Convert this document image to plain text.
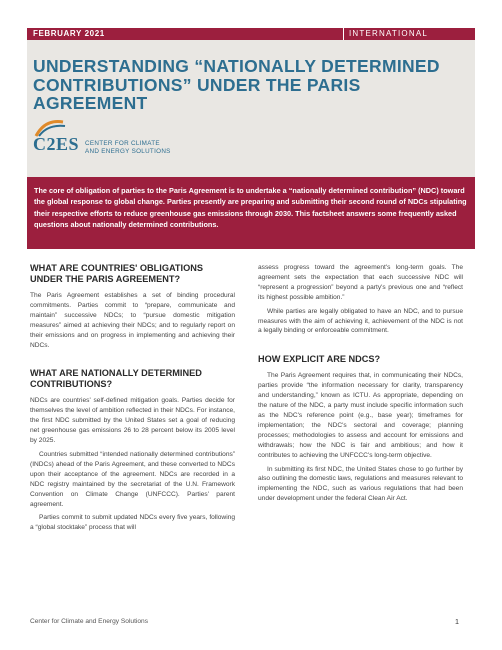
FEBRUARY 2021	INTERNATIONAL
UNDERSTANDING “NATIONALLY DETERMINED CONTRIBUTIONS” UNDER THE PARIS AGREEMENT
C2ES CENTER FOR CLIMATE
AND ENERGY SOLUTIONS

The core of obligation of parties to the Paris Agreement is to undertake a “nationally determined contribution” (NDC) toward the global response to global change. Parties presently are preparing and submitting their second round of NDCs stipulating their respective efforts to reduce greenhouse gas emissions through 2030. This factsheet answers some frequently asked questions about nationally determined contributions.

WHAT ARE COUNTRIES' OBLIGATIONS UNDER THE PARIS AGREEMENT?

The Paris Agreement establishes a set of binding procedural commitments. Parties commit to “prepare, communicate and maintain” successive NDCs; to “pursue domestic mitigation measures” aimed at achieving their NDCs; and to regularly report on their emissions and on progress in implementing and achieving their NDCs.

WHAT ARE NATIONALLY DETERMINED CONTRIBUTIONS?

NDCs are countries' self-defined mitigation goals. Parties decide for themselves the level of ambition reflected in their NDCs. For instance, the first NDC submitted by the United States set a goal of reducing net greenhouse gas emissions 26 to 28 percent below its 2005 level by 2025.

Countries submitted “intended nationally determined contributions” (INDCs) ahead of the Paris Agreement, and these converted to NDCs upon their acceptance of the agreement. NDCs are recorded in a NDC registry maintained by the secretariat of the U.N. Framework Convention on Climate Change (UNFCCC). Parties' parent agreement.

Parties commit to submit updated NDCs every five years, following a “global stocktake” process that will

assess progress toward the agreement's long-term goals. The agreement sets the expectation that each successive NDC will “represent a progression” beyond a party's previous one and “reflect its highest possible ambition.”

While parties are legally obligated to have an NDC, and to pursue measures with the aim of achieving it, achievement of the NDC is not a legally binding or enforceable commitment.

HOW EXPLICIT ARE NDCS?

The Paris Agreement requires that, in communicating their NDCs, parties provide “the information necessary for clarity, transparency and understanding,” known as ICTU. As appropriate, depending on the nature of the NDC, a party must include specific information such as the NDC's reference point (e.g., base year); timeframes for implementation; the NDC's sectoral and coverage; planning processes; methodologies to assess and account for emissions and withdrawals; how the NDC is fair and ambitious; and how it contributes to achieving the UNFCCC's long-term objective.

In submitting its first NDC, the United States chose to go further by also outlining the domestic laws, regulations and measures relevant to implementing the NDC, such as various regulations that had been under development under the federal Clean Air Act.

Center for Climate and Energy Solutions	1
